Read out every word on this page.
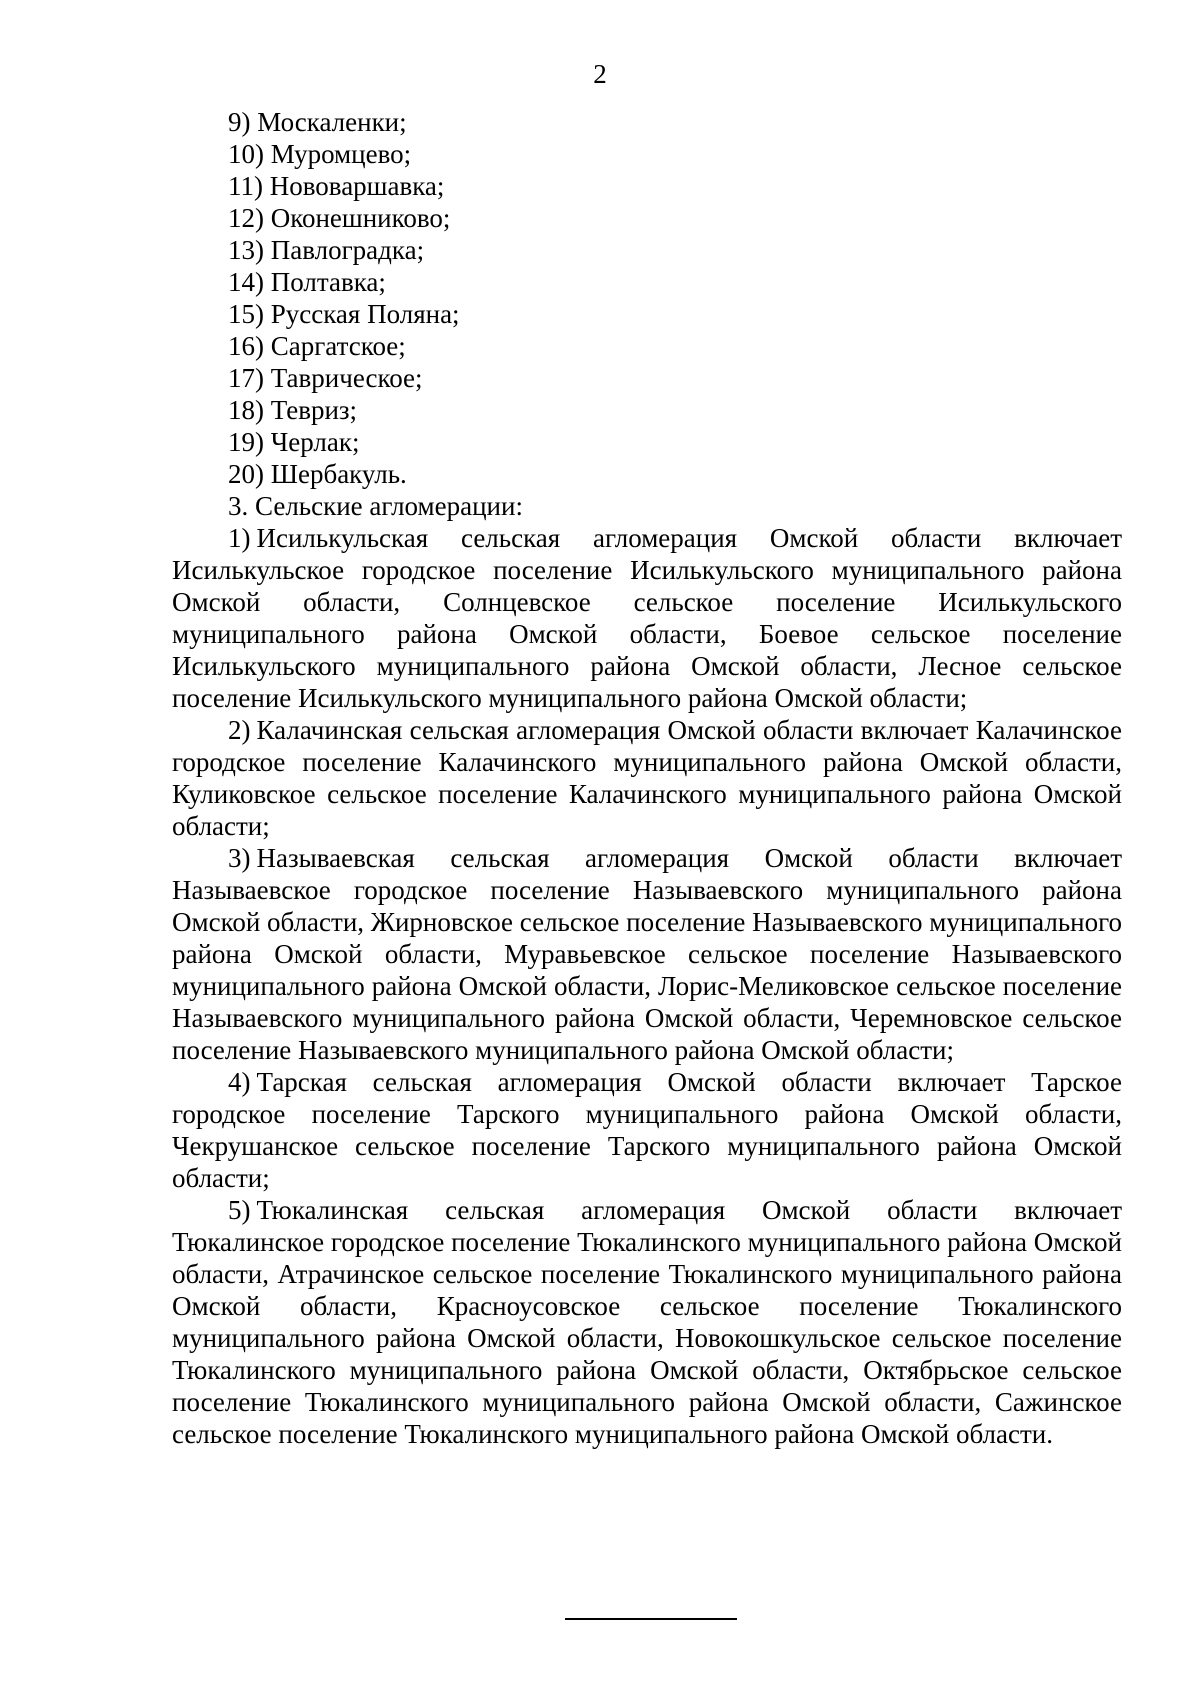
2
9) Москаленки;
10) Муромцево;
11) Нововаршавка;
12) Оконешниково;
13) Павлоградка;
14) Полтавка;
15) Русская Поляна;
16) Саргатское;
17) Таврическое;
18) Тевриз;
19) Черлак;
20) Шербакуль.
3. Сельские агломерации:

1) Исилькульская сельская агломерация Омской области включает Исилькульское городское поселение Исилькульского муниципального района Омской области, Солнцевское сельское поселение Исилькульского муниципального района Омской области, Боевое сельское поселение Исилькульского муниципального района Омской области, Лесное сельское поселение Исилькульского муниципального района Омской области;

2) Калачинская сельская агломерация Омской области включает Калачинское городское поселение Калачинского муниципального района Омской области, Куликовское сельское поселение Калачинского муниципального района Омской области;

3) Называевская сельская агломерация Омской области включает Называевское городское поселение Называевского муниципального района Омской области, Жирновское сельское поселение Называевского муниципального района Омской области, Муравьевское сельское поселение Называевского муниципального района Омской области, Лорис-Меликовское сельское поселение Называевского муниципального района Омской области, Черемновское сельское поселение Называевского муниципального района Омской области;

4) Тарская сельская агломерация Омской области включает Тарское городское поселение Тарского муниципального района Омской области, Чекрушанское сельское поселение Тарского муниципального района Омской области;

5) Тюкалинская сельская агломерация Омской области включает Тюкалинское городское поселение Тюкалинского муниципального района Омской области, Атрачинское сельское поселение Тюкалинского муниципального района Омской области, Красноусовское сельское поселение Тюкалинского муниципального района Омской области, Новокошкульское сельское поселение Тюкалинского муниципального района Омской области, Октябрьское сельское поселение Тюкалинского муниципального района Омской области, Сажинское сельское поселение Тюкалинского муниципального района Омской области.
